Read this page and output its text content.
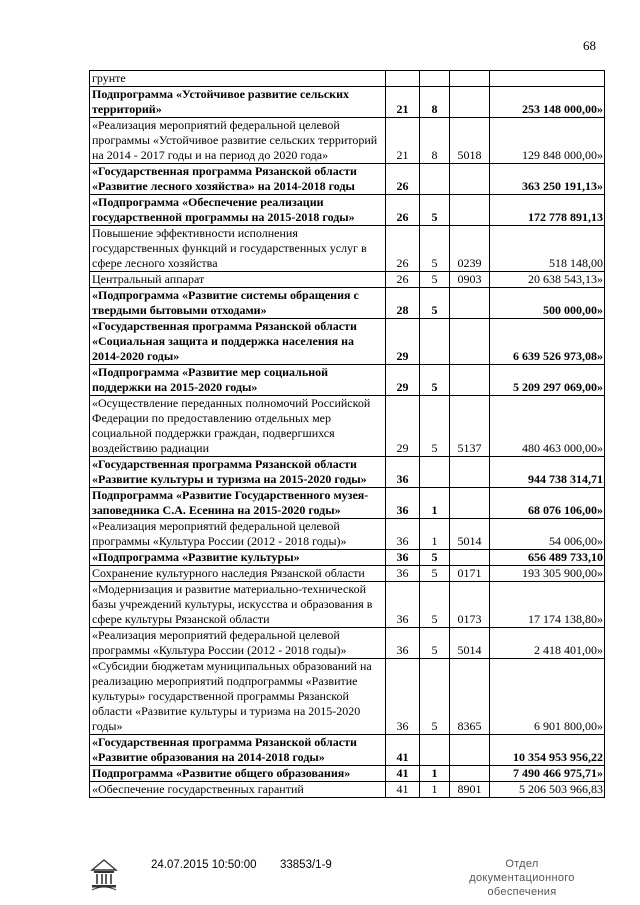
68
грунте				
Подпрограмма «Устойчивое развитие сельских территорий»	21	8		253 148 000,00»
«Реализация мероприятий федеральной целевой программы «Устойчивое развитие сельских территорий на 2014 - 2017 годы и на период до 2020 года»	21	8	5018	129 848 000,00»
«Государственная программа Рязанской области «Развитие лесного хозяйства» на 2014-2018 годы	26			363 250 191,13»
«Подпрограмма «Обеспечение реализации государственной программы на 2015-2018 годы»	26	5		172 778 891,13
Повышение эффективности исполнения государственных функций и государственных услуг в сфере лесного хозяйства	26	5	0239	518 148,00
Центральный аппарат	26	5	0903	20 638 543,13»
«Подпрограмма «Развитие системы обращения с твердыми бытовыми отходами»	28	5		500 000,00»
«Государственная программа Рязанской области «Социальная защита и поддержка населения на 2014-2020 годы»	29			6 639 526 973,08»
«Подпрограмма «Развитие мер социальной поддержки на 2015-2020 годы»	29	5		5 209 297 069,00»
«Осуществление переданных полномочий Российской Федерации по предоставлению отдельных мер социальной поддержки граждан, подвергшихся воздействию радиации	29	5	5137	480 463 000,00»
«Государственная программа Рязанской области «Развитие культуры и туризма на 2015-2020 годы»	36			944 738 314,71
Подпрограмма «Развитие Государственного музея-заповедника С.А. Есенина на 2015-2020 годы»	36	1		68 076 106,00»
«Реализация мероприятий федеральной целевой программы «Культура России (2012 - 2018 годы)»	36	1	5014	54 006,00»
«Подпрограмма «Развитие культуры»	36	5		656 489 733,10
Сохранение культурного наследия Рязанской области	36	5	0171	193 305 900,00»
«Модернизация и развитие материально-технической базы учреждений культуры, искусства и образования в сфере культуры Рязанской области	36	5	0173	17 174 138,80»
«Реализация мероприятий федеральной целевой программы «Культура России (2012 - 2018 годы)»	36	5	5014	2 418 401,00»
«Субсидии бюджетам муниципальных образований на реализацию мероприятий подпрограммы «Развитие культуры» государственной программы Рязанской области «Развитие культуры и туризма на 2015-2020 годы»	36	5	8365	6 901 800,00»
«Государственная программа Рязанской области «Развитие образования на 2014-2018 годы»	41			10 354 953 956,22
Подпрограмма «Развитие общего образования»	41	1		7 490 466 975,71»
«Обеспечение государственных гарантий	41	1	8901	5 206 503 966,83
24.07.2015 10:50:00 33853/1-9	Отдел документационного
обеспечения
